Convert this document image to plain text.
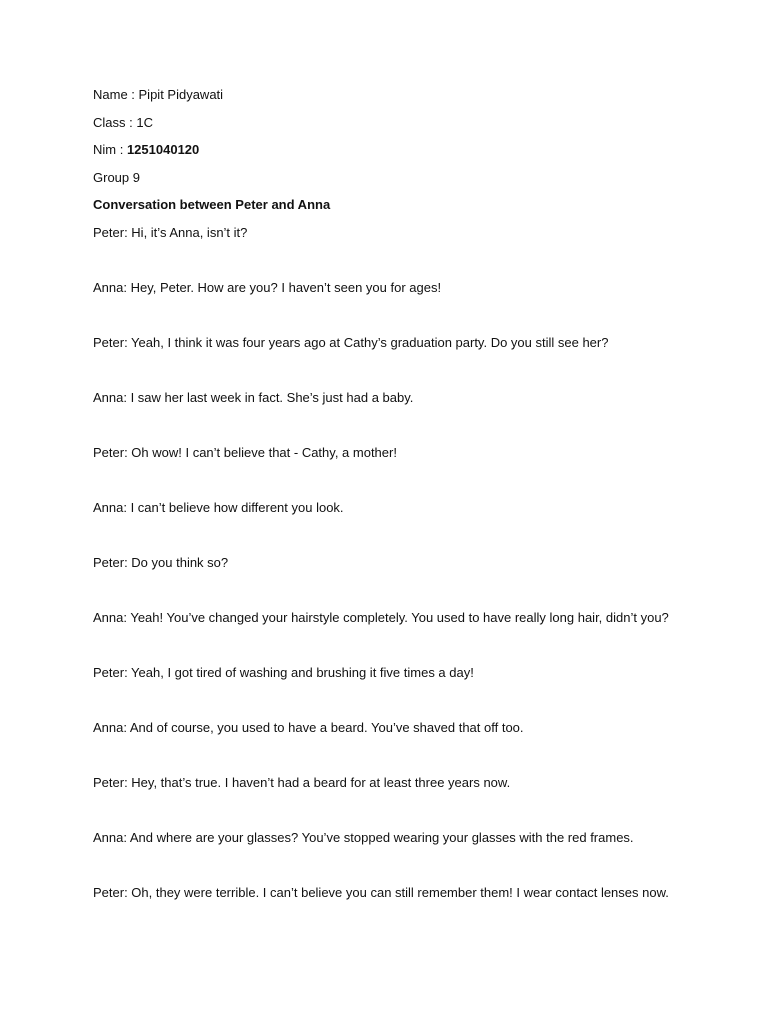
Name : Pipit Pidyawati
Class : 1C
Nim : 1251040120
Group 9
Conversation between Peter and Anna
Peter: Hi, it’s Anna, isn’t it?
Anna: Hey, Peter. How are you? I haven’t seen you for ages!
Peter: Yeah, I think it was four years ago at Cathy’s graduation party. Do you still see her?
Anna: I saw her last week in fact. She’s just had a baby.
Peter: Oh wow! I can’t believe that - Cathy, a mother!
Anna: I can’t believe how different you look.
Peter: Do you think so?
Anna: Yeah! You’ve changed your hairstyle completely. You used to have really long hair, didn’t you?
Peter: Yeah, I got tired of washing and brushing it five times a day!
Anna: And of course, you used to have a beard. You’ve shaved that off too.
Peter: Hey, that’s true. I haven’t had a beard for at least three years now.
Anna: And where are your glasses? You’ve stopped wearing your glasses with the red frames.
Peter: Oh, they were terrible. I can’t believe you can still remember them! I wear contact lenses now.
